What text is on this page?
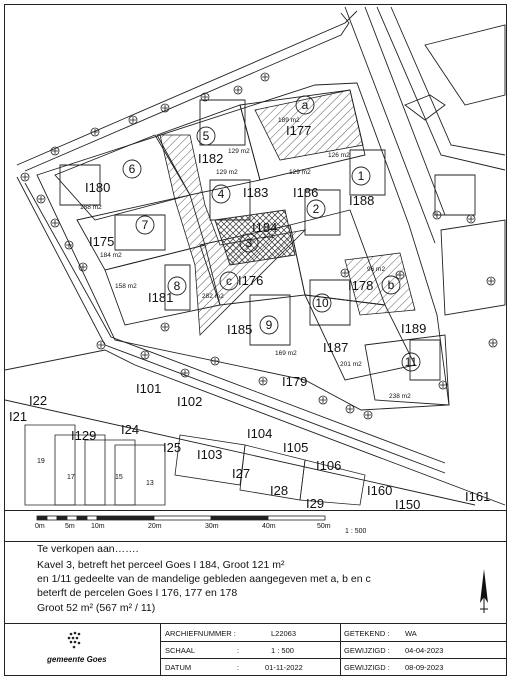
I177
I182
I183 I186
I188
I180
I175
I184
I176	I178
I181
I185
I187
I189
I179
I101
I102
I104
I105
I106
I103
I129
I25
I24
I22
I21
I27
I28
I29
I160
I150
I161
1
2
3
4
5
6
7
8
9
10
11
a
b
c
189 m2
129 m2
129 m2	129 m2
126 m2
188 m2
184 m2
158 m2
282 m2
96 m2
169 m2
201 m2
238 m2
121
19
17	15
13
0m	5m 10m	20m	30m	40m	50m
1 : 500
Te verkopen aan…….
Kavel 3, betreft het perceel Goes I 184, Groot 121 m²
en 1/11 gedeelte van de mandelige gebleden aangegeven met a, b en c
beterft de percelen Goes I 176, 177 en 178
Groot 52 m² (567 m² / 11)
gemeente Goes
ARCHIEFNUMMER :	L22063
SCHAAL	:	1 : 500
DATUM	:	01-11-2022
GETEKEND : WA
GEWIJZIGD : 04-04-2023
GEWIJZIGD : 08-09-2023
